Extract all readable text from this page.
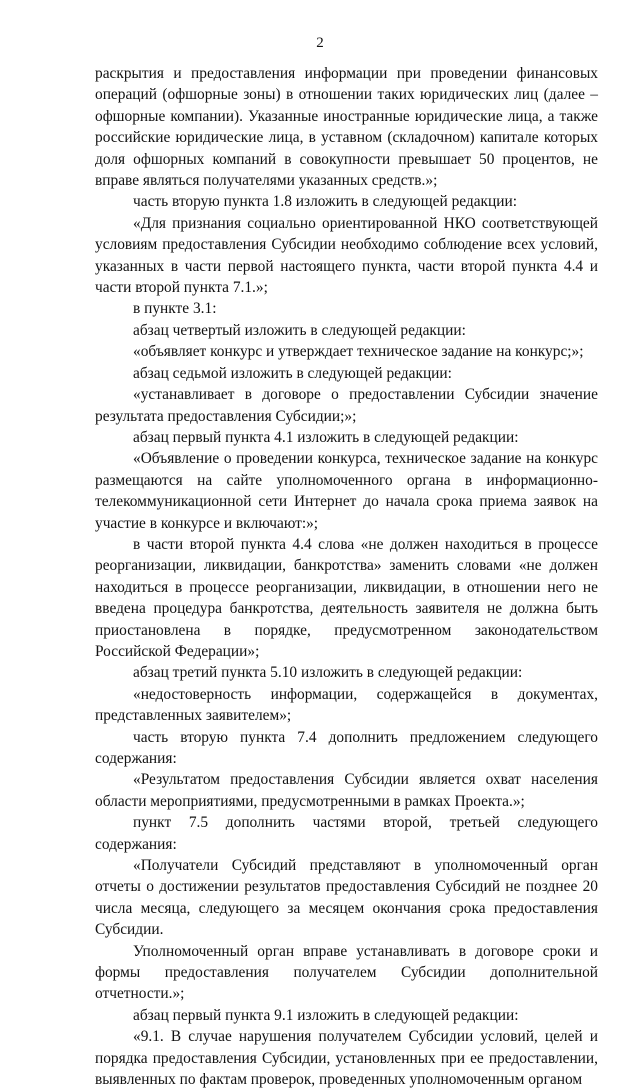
2

раскрытия и предоставления информации при проведении финансовых операций (офшорные зоны) в отношении таких юридических лиц (далее – офшорные компании). Указанные иностранные юридические лица, а также российские юридические лица, в уставном (складочном) капитале которых доля офшорных компаний в совокупности превышает 50 процентов, не вправе являться получателями указанных средств.»;

часть вторую пункта 1.8 изложить в следующей редакции:

«Для признания социально ориентированной НКО соответствующей условиям предоставления Субсидии необходимо соблюдение всех условий, указанных в части первой настоящего пункта, части второй пункта 4.4 и части второй пункта 7.1.»;

в пункте 3.1:

абзац четвертый изложить в следующей редакции:

«объявляет конкурс и утверждает техническое задание на конкурс;»;

абзац седьмой изложить в следующей редакции:

«устанавливает в договоре о предоставлении Субсидии значение результата предоставления Субсидии;»;

абзац первый пункта 4.1 изложить в следующей редакции:

«Объявление о проведении конкурса, техническое задание на конкурс размещаются на сайте уполномоченного органа в информационно-телекоммуникационной сети Интернет до начала срока приема заявок на участие в конкурсе и включают:»;

в части второй пункта 4.4 слова «не должен находиться в процессе реорганизации, ликвидации, банкротства» заменить словами «не должен находиться в процессе реорганизации, ликвидации, в отношении него не введена процедура банкротства, деятельность заявителя не должна быть приостановлена в порядке, предусмотренном законодательством Российской Федерации»;

абзац третий пункта 5.10 изложить в следующей редакции:

«недостоверность информации, содержащейся в документах, представленных заявителем»;

часть вторую пункта 7.4 дополнить предложением следующего содержания:

«Результатом предоставления Субсидии является охват населения области мероприятиями, предусмотренными в рамках Проекта.»;

пункт 7.5 дополнить частями второй, третьей следующего содержания:

«Получатели Субсидий представляют в уполномоченный орган отчеты о достижении результатов предоставления Субсидий не позднее 20 числа месяца, следующего за месяцем окончания срока предоставления Субсидии.

Уполномоченный орган вправе устанавливать в договоре сроки и формы предоставления получателем Субсидии дополнительной отчетности.»;

абзац первый пункта 9.1 изложить в следующей редакции:

«9.1. В случае нарушения получателем Субсидии условий, целей и порядка предоставления Субсидии, установленных при ее предоставлении, выявленных по фактам проверок, проведенных уполномоченным органом
